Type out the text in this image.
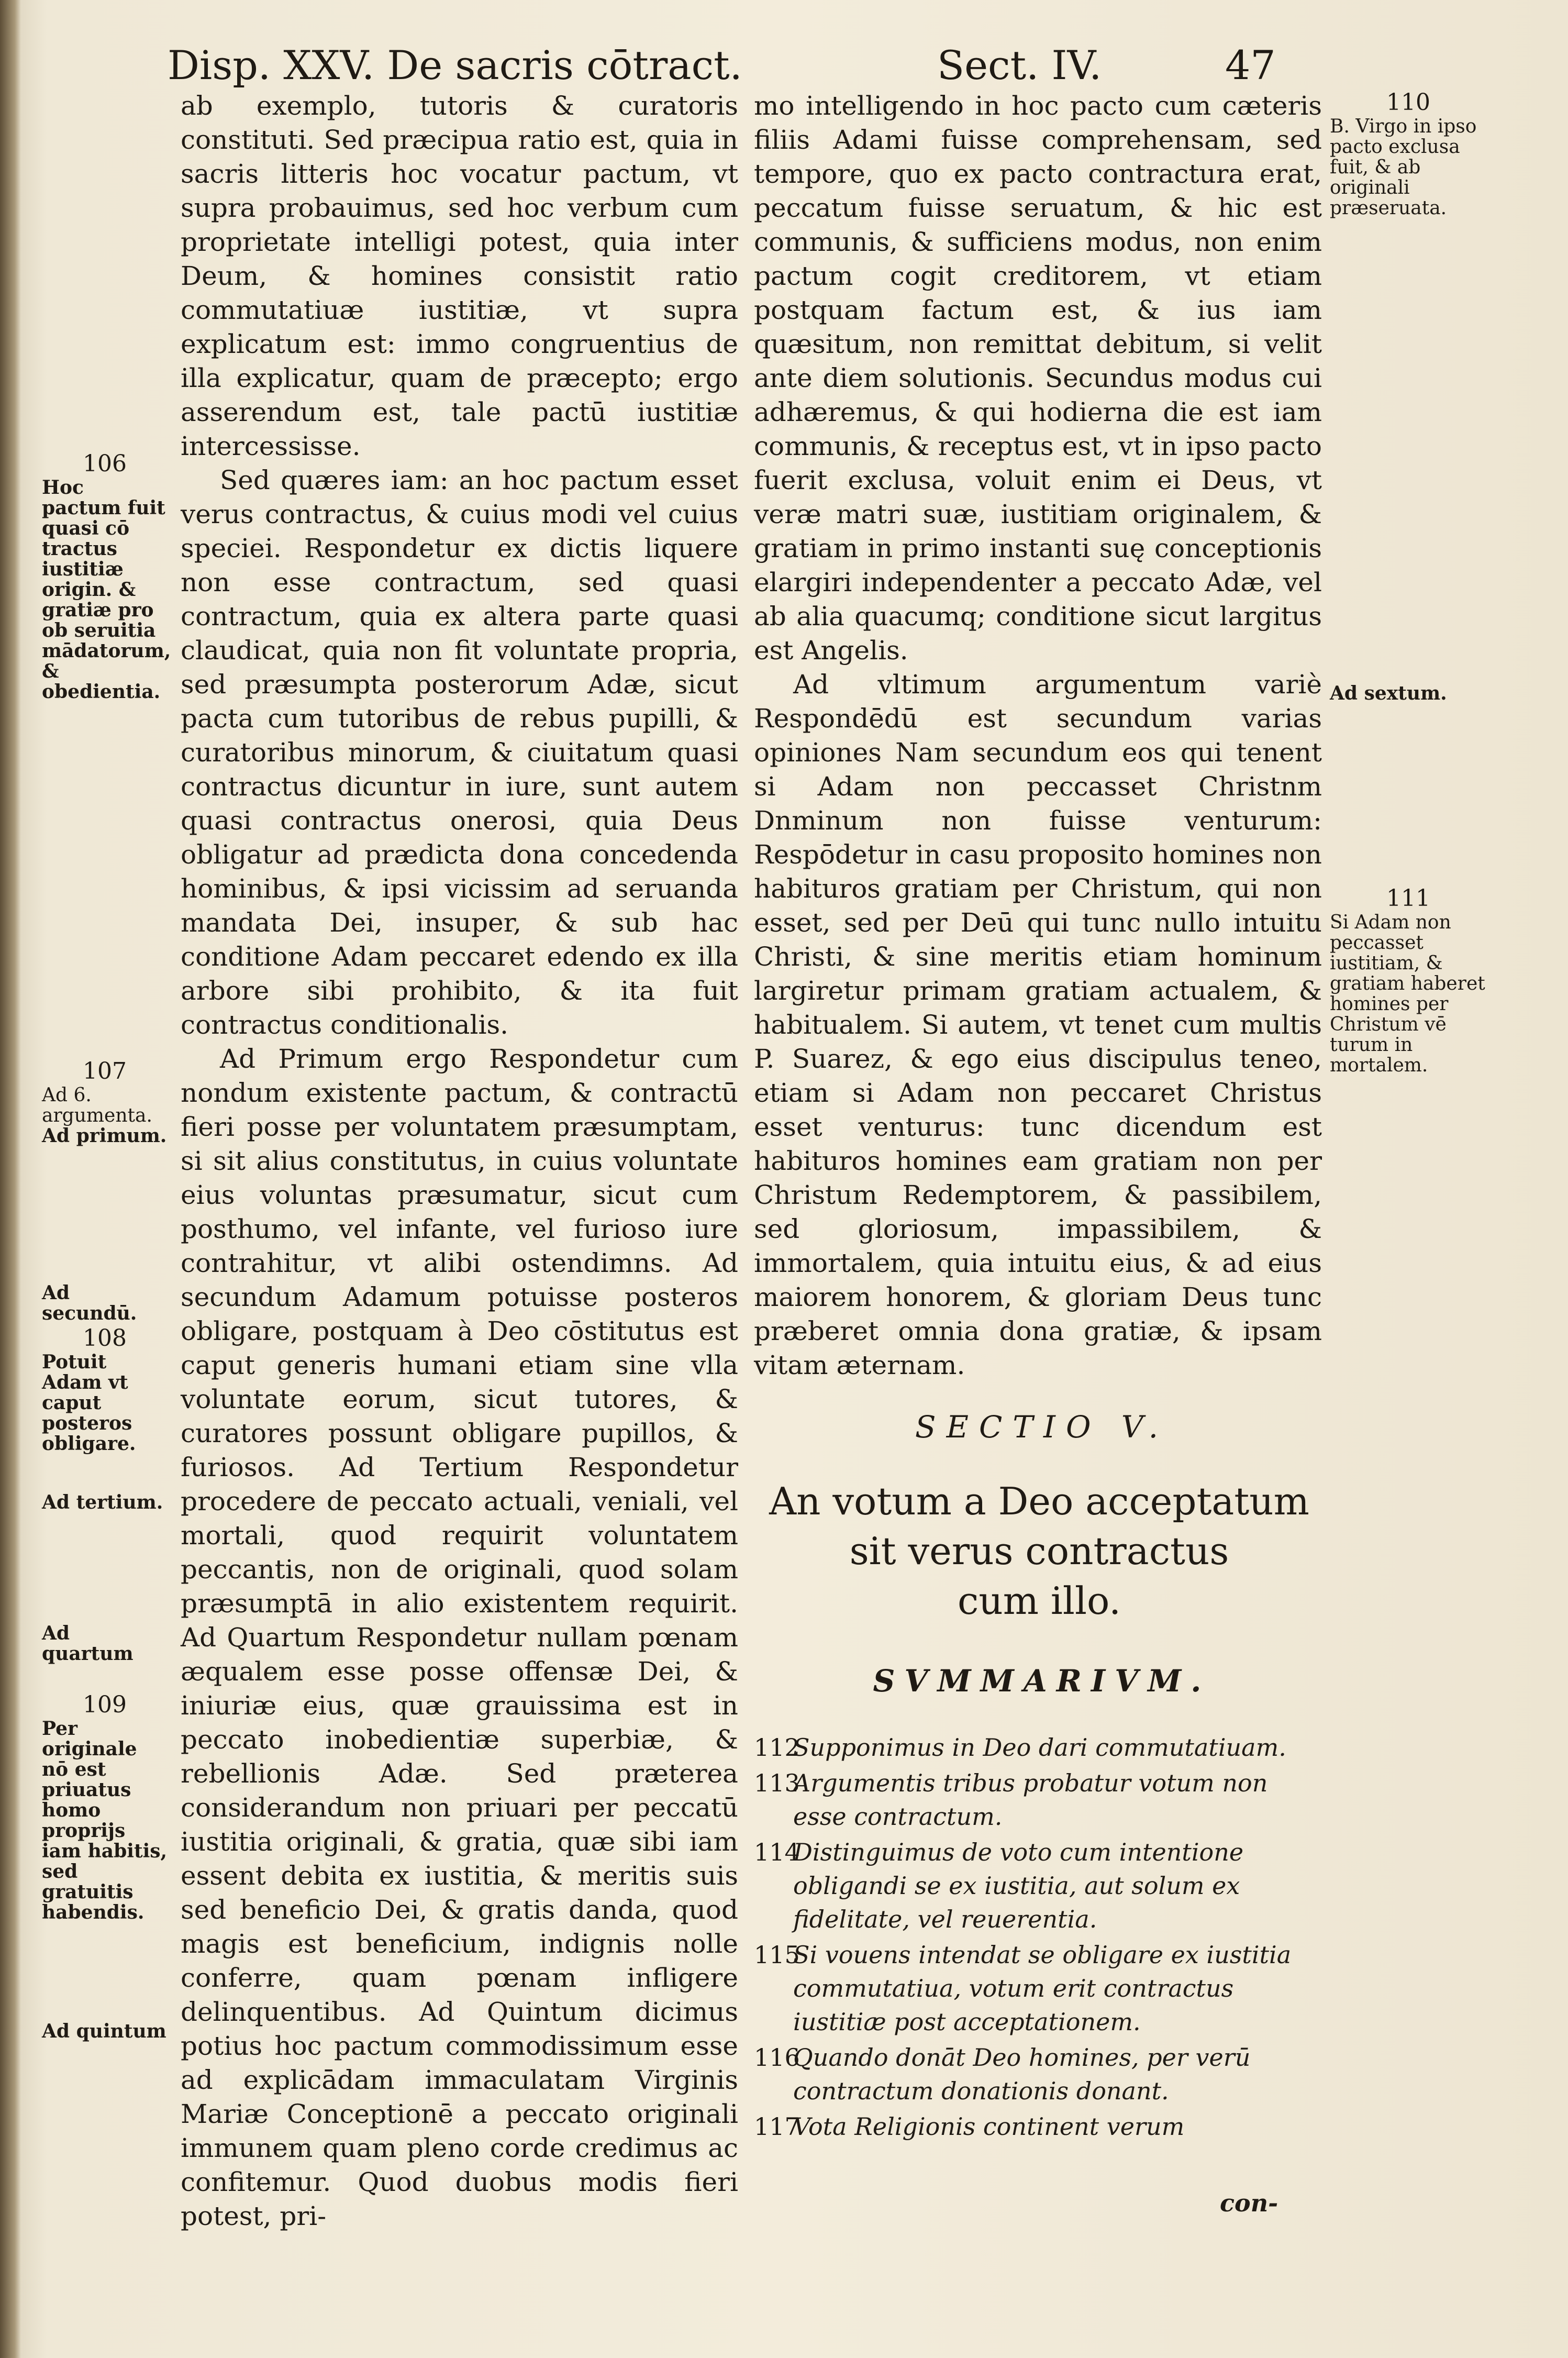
Disp. XXV. De sacris cōtract.	Sect. IV.	47
106
Hoc pactum fuit quasi cō tractus iustitiæ origin. & gratiæ pro ob seruitia mādatorum, & obedientia.
107
Ad 6. argumenta.
Ad primum.
Ad secundū.
108
Potuit Adam vt caput posteros obligare.
Ad tertium.
Ad quartum
109
Per originale nō est priuatus homo proprijs iam habitis, sed gratuitis habendis.
Ad quintum

ab exemplo, tutoris & curatoris constituti. Sed præcipua ratio est, quia in sacris litteris hoc vocatur pactum, vt supra probauimus, sed hoc verbum cum proprietate intelligi potest, quia inter Deum, & homines consistit ratio commutatiuæ iustitiæ, vt supra explicatum est: immo congruentius de illa explicatur, quam de præcepto; ergo asserendum est, tale pactū iustitiæ intercessisse.

Sed quæres iam: an hoc pactum esset verus contractus, & cuius modi vel cuius speciei. Respondetur ex dictis liquere non esse contractum, sed quasi contractum, quia ex altera parte quasi claudicat, quia non fit voluntate propria, sed præsumpta posterorum Adæ, sicut pacta cum tutoribus de rebus pupilli, & curatoribus minorum, & ciuitatum quasi contractus dicuntur in iure, sunt autem quasi contractus onerosi, quia Deus obligatur ad prædicta dona concedenda hominibus, & ipsi vicissim ad seruanda mandata Dei, insuper, & sub hac conditione Adam peccaret edendo ex illa arbore sibi prohibito, & ita fuit contractus conditionalis.

Ad Primum ergo Respondetur cum nondum existente pactum, & contractū fieri posse per voluntatem præsumptam, si sit alius constitutus, in cuius voluntate eius voluntas præsumatur, sicut cum posthumo, vel infante, vel furioso iure contrahitur, vt alibi ostendimns. Ad secundum Adamum potuisse posteros obligare, postquam à Deo cōstitutus est caput generis humani etiam sine vlla voluntate eorum, sicut tutores, & curatores possunt obligare pupillos, & furiosos. Ad Tertium Respondetur procedere de peccato actuali, veniali, vel mortali, quod requirit voluntatem peccantis, non de originali, quod solam præsumptā in alio existentem requirit. Ad Quartum Respondetur nullam pœnam æqualem esse posse offensæ Dei, & iniuriæ eius, quæ grauissima est in peccato inobedientiæ superbiæ, & rebellionis Adæ. Sed præterea considerandum non priuari per peccatū iustitia originali, & gratia, quæ sibi iam essent debita ex iustitia, & meritis suis sed beneficio Dei, & gratis danda, quod magis est beneficium, indignis nolle conferre, quam pœnam infligere delinquentibus. Ad Quintum dicimus potius hoc pactum commodissimum esse ad explicādam immaculatam Virginis Mariæ Conceptionē a peccato originali immunem quam pleno corde credimus ac confitemur. Quod duobus modis fieri potest, pri-

mo intelligendo in hoc pacto cum cæteris filiis Adami fuisse comprehensam, sed tempore, quo ex pacto contractura erat, peccatum fuisse seruatum, & hic est communis, & sufficiens modus, non enim pactum cogit creditorem, vt etiam postquam factum est, & ius iam quæsitum, non remittat debitum, si velit ante diem solutionis. Secundus modus cui adhæremus, & qui hodierna die est iam communis, & receptus est, vt in ipso pacto fuerit exclusa, voluit enim ei Deus, vt veræ matri suæ, iustitiam originalem, & gratiam in primo instanti suę conceptionis elargiri independenter a peccato Adæ, vel ab alia quacumq; conditione sicut largitus est Angelis.

Ad vltimum argumentum variè Respondēdū est secundum varias opiniones Nam secundum eos qui tenent si Adam non peccasset Christnm Dnminum non fuisse venturum: Respōdetur in casu proposito homines non habituros gratiam per Christum, qui non esset, sed per Deū qui tunc nullo intuitu Christi, & sine meritis etiam hominum largiretur primam gratiam actualem, & habitualem. Si autem, vt tenet cum multis P. Suarez, & ego eius discipulus teneo, etiam si Adam non peccaret Christus esset venturus: tunc dicendum est habituros homines eam gratiam non per Christum Redemptorem, & passibilem, sed gloriosum, impassibilem, & immortalem, quia intuitu eius, & ad eius maiorem honorem, & gloriam Deus tunc præberet omnia dona gratiæ, & ipsam vitam æternam.

110
B. Virgo in ipso pacto exclusa fuit, & ab originali præseruata.
Ad sextum.
111
Si Adam non peccasset iustitiam, & gratiam haberet homines per Christum vē turum in mortalem.
SECTIO V.
An votum a Deo acceptatum
sit verus contractus
cum illo.
SVMMARIVM.
112Supponimus in Deo dari commutatiuam.
113Argumentis tribus probatur votum non esse contractum.
114Distinguimus de voto cum intentione obligandi se ex iustitia, aut solum ex fidelitate, vel reuerentia.
115Si vouens intendat se obligare ex iustitia commutatiua, votum erit contractus iustitiæ post acceptationem.
116Quando donāt Deo homines, per verū contractum donationis donant.
117Vota Religionis continent verum
con-
